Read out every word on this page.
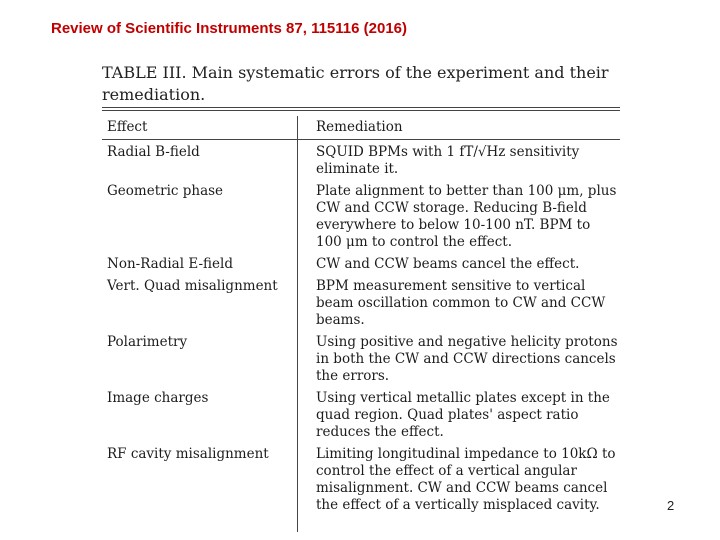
Review of Scientific Instruments 87, 115116 (2016)
TABLE III. Main systematic errors of the experiment and their remediation.
Effect	Remediation
Radial B-field	SQUID BPMs with 1 fT/√Hz sensitivity eliminate it.
Geometric phase	Plate alignment to better than 100 μm, plus CW and CCW storage. Reducing B-field everywhere to below 10-100 nT. BPM to 100 μm to control the effect.
Non-Radial E-field	CW and CCW beams cancel the effect.
Vert. Quad misalignment	BPM measurement sensitive to vertical beam oscillation common to CW and CCW beams.
Polarimetry	Using positive and negative helicity protons in both the CW and CCW directions cancels the errors.
Image charges	Using vertical metallic plates except in the quad region. Quad plates' aspect ratio reduces the effect.
RF cavity misalignment	Limiting longitudinal impedance to 10kΩ to control the effect of a vertical angular misalignment. CW and CCW beams cancel the effect of a vertically misplaced cavity.	2
